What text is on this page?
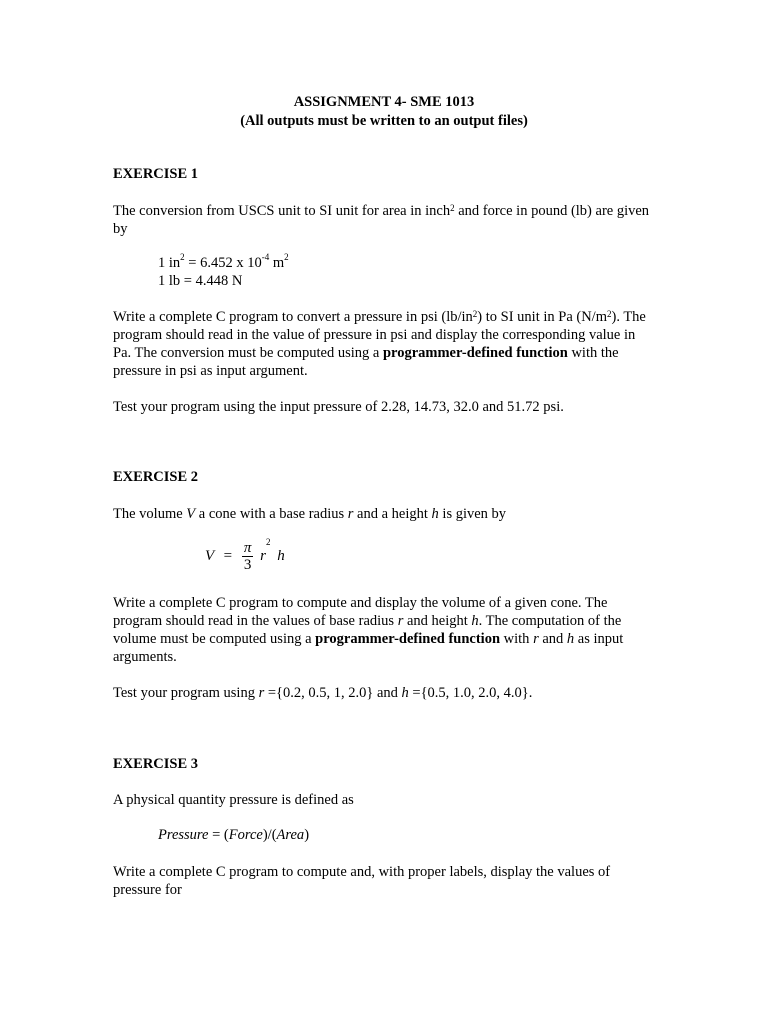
ASSIGNMENT 4- SME 1013
(All outputs must be written to an output files)
EXERCISE 1
The conversion from USCS unit to SI unit for area in inch$^2$ and force in pound (lb) are given by
1 $in^2 = 6.452$ x $10^{-4}$ $m^2$
1 lb = 4.448 N
Write a complete C program to convert a pressure in psi $(lb/in^2)$ to SI unit in Pa $(N/m^2)$. The program should read in the value of pressure in psi and display the corresponding value in Pa. The conversion must be computed using a programmer-defined function with the pressure in psi as input argument.
Test your program using the input pressure of 2.28, 14.73, 32.0 and 51.72 psi.
EXERCISE 2
The volume V a cone with a base radius r and a height h is given by
$V = \frac{\pi}{3} r^2$ h
Write a complete C program to compute and display the volume of a given cone. The program should read in the values of base radius r and height h. The computation of the volume must be computed using a programmer-defined function with r and h as input arguments.
Test your program using r ={0.2, 0.5, 1, 2.0} and h ={0.5, 1.0, 2.0, 4.0}.
EXERCISE 3
A physical quantity pressure is defined as
Pressure = (Force)/(Area)
Write a complete C program to compute and, with proper labels, display the values of pressure for
